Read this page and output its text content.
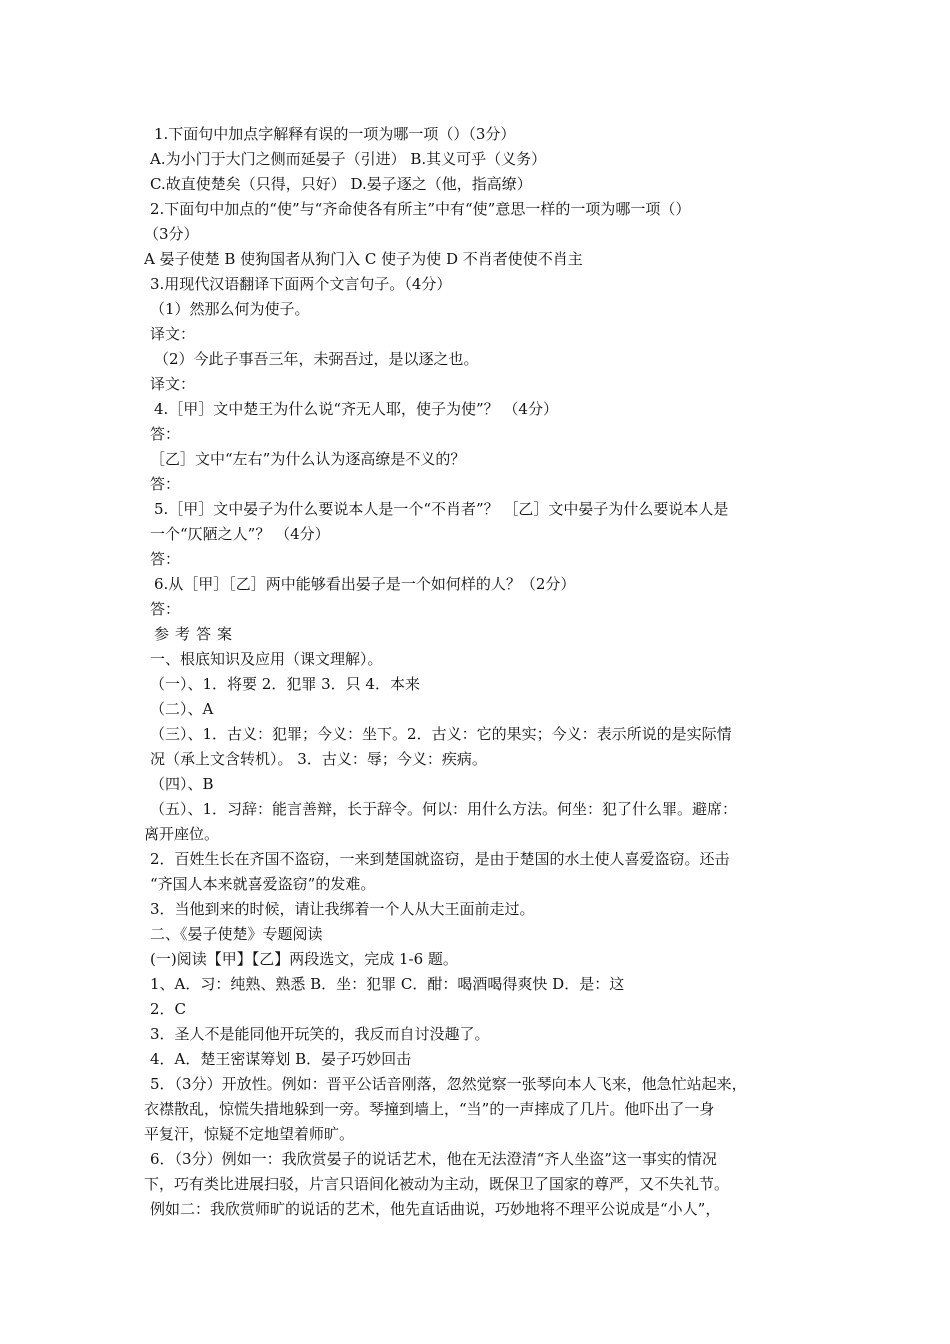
1.下面句中加点字解释有误的一项为哪一项（）（3分）
A.为小门于大门之侧而延晏子（引进） B.其义可乎（义务）
C.故直使楚矣（只得，只好） D.晏子逐之（他，指高缭）
2.下面句中加点的“使”与“齐命使各有所主”中有“使”意思一样的一项为哪一项（）
（3分）
A 晏子使楚 B 使狗国者从狗门入 C 使子为使 D 不肖者使使不肖主
3.用现代汉语翻译下面两个文言句子。（4分）
（1）然那么何为使子。
译文：
（2）今此子事吾三年，未弼吾过，是以逐之也。
译文：
4.［甲］文中楚王为什么说“齐无人耶，使子为使”？ （4分）
答：
［乙］文中“左右”为什么认为逐高缭是不义的？
答：
5.［甲］文中晏子为什么要说本人是一个“不肖者”？ ［乙］文中晏子为什么要说本人是
一个“仄陋之人”？ （4分）
答：
6.从［甲］［乙］两中能够看出晏子是一个如何样的人？（2分）
答：
参考答案
一、根底知识及应用（课文理解）。
（一）、1．将要 2．犯罪 3．只 4．本来
（二）、A
（三）、1．古义：犯罪；今义：坐下。2．古义：它的果实；今义：表示所说的是实际情
况（承上文含转机）。 3．古义：辱；今义：疾病。
（四）、B
（五）、1．习辞：能言善辩，长于辞令。何以：用什么方法。何坐：犯了什么罪。避席：
离开座位。
2．百姓生长在齐国不盗窃，一来到楚国就盗窃，是由于楚国的水土使人喜爱盗窃。还击
“齐国人本来就喜爱盗窃”的发难。
3．当他到来的时候，请让我绑着一个人从大王面前走过。
二、《晏子使楚》专题阅读
(一)阅读【甲】【乙】两段选文，完成 1-6 题。
1、A．习：纯熟、熟悉 B．坐：犯罪 C．酣：喝酒喝得爽快 D．是：这
2．C
3．圣人不是能同他开玩笑的，我反而自讨没趣了。
4．A．楚王密谋筹划 B．晏子巧妙回击
5．（3分）开放性。例如：晋平公话音刚落，忽然觉察一张琴向本人飞来，他急忙站起来，
衣襟散乱，惊慌失措地躲到一旁。琴撞到墙上，“当”的一声摔成了几片。他吓出了一身
平复汗，惊疑不定地望着师旷。
6．（3分）例如一：我欣赏晏子的说话艺术，他在无法澄清“齐人坐盗”这一事实的情况
下，巧有类比进展扫驳，片言只语间化被动为主动，既保卫了国家的尊严，又不失礼节。
例如二：我欣赏师旷的说话的艺术，他先直话曲说，巧妙地将不理平公说成是“小人”，
